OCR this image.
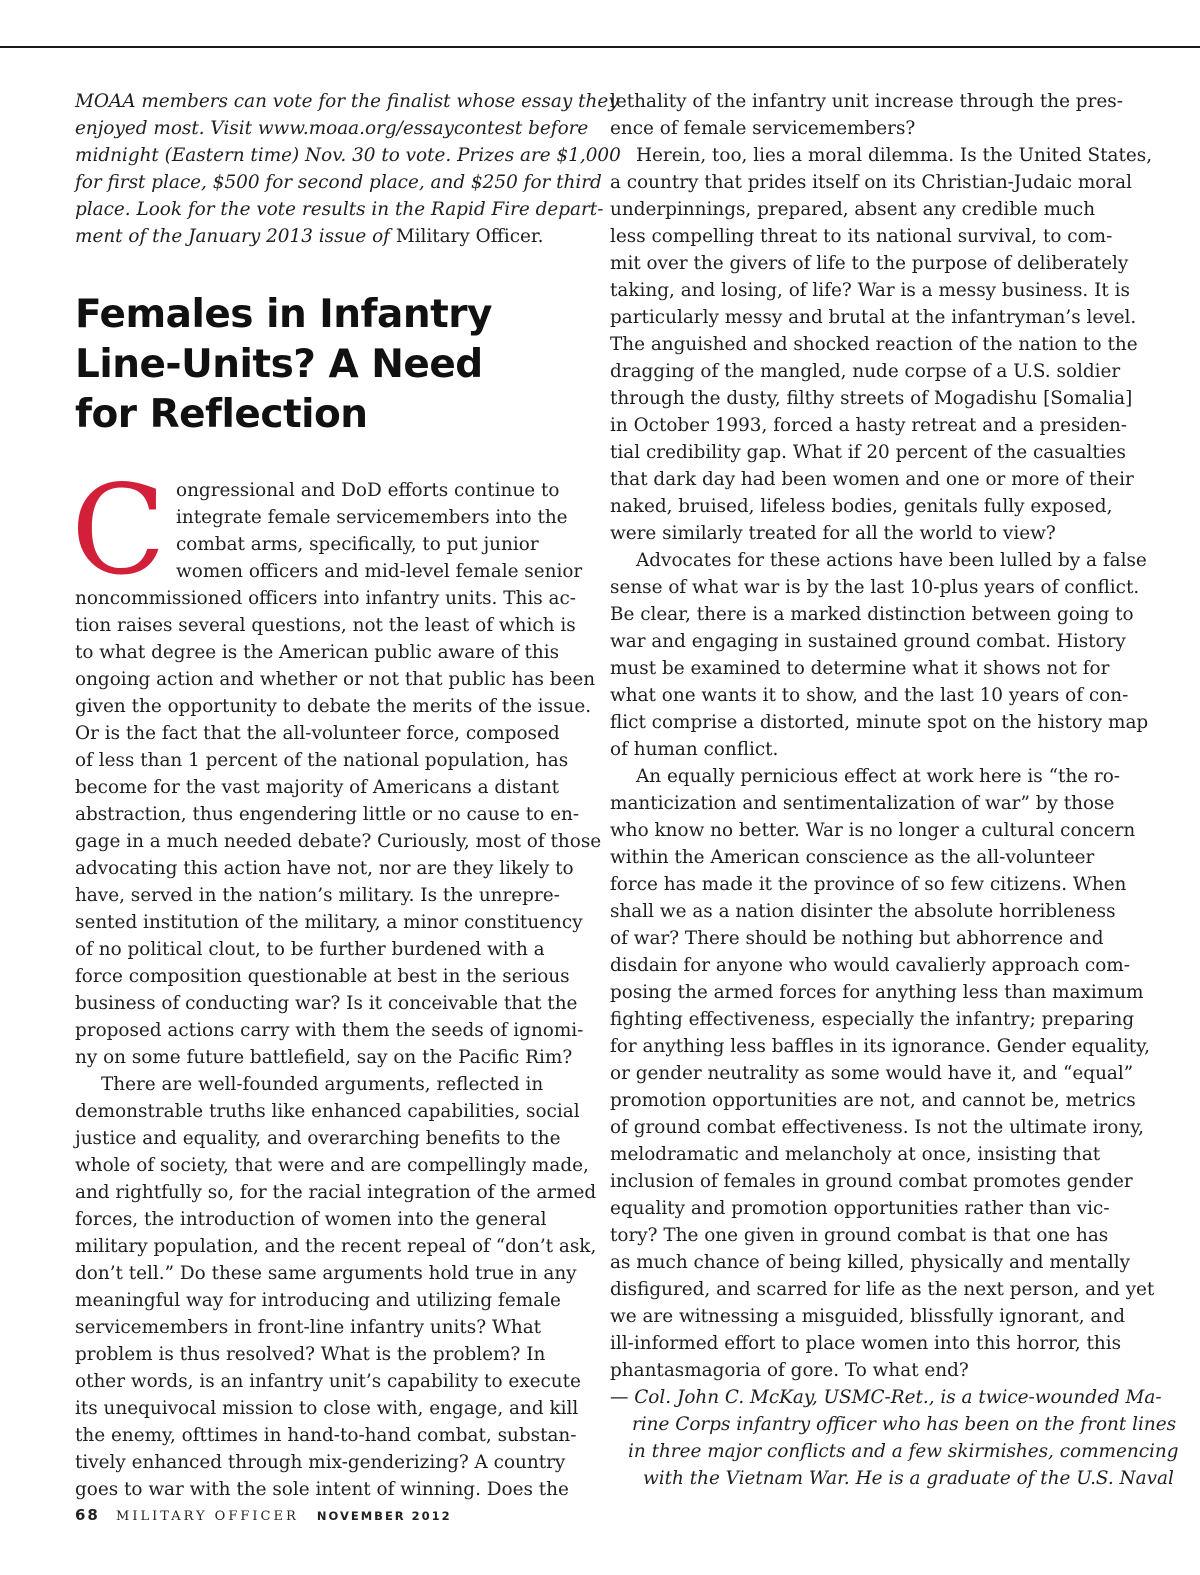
MOAA members can vote for the finalist whose essay they
enjoyed most. Visit www.moaa.org/essaycontest before
midnight (Eastern time) Nov. 30 to vote. Prizes are $1,000
for first place, $500 for second place, and $250 for third
place. Look for the vote results in the Rapid Fire depart-
ment of the January 2013 issue of Military Officer.
Females in Infantry
Line-Units? A Need
for Reflection
C ongressional and DoD efforts continue to
integrate female servicemembers into the
combat arms, specifically, to put junior
women officers and mid-level female senior
noncommissioned officers into infantry units. This ac-
tion raises several questions, not the least of which is
to what degree is the American public aware of this
ongoing action and whether or not that public has been
given the opportunity to debate the merits of the issue.
Or is the fact that the all-volunteer force, composed
of less than 1 percent of the national population, has
become for the vast majority of Americans a distant
abstraction, thus engendering little or no cause to en-
gage in a much needed debate? Curiously, most of those
advocating this action have not, nor are they likely to
have, served in the nation’s military. Is the unrepre-
sented institution of the military, a minor constituency
of no political clout, to be further burdened with a
force composition questionable at best in the serious
business of conducting war? Is it conceivable that the
proposed actions carry with them the seeds of ignomi-
ny on some future battlefield, say on the Pacific Rim?
There are well-founded arguments, reflected in
demonstrable truths like enhanced capabilities, social
justice and equality, and overarching benefits to the
whole of society, that were and are compellingly made,
and rightfully so, for the racial integration of the armed
forces, the introduction of women into the general
military population, and the recent repeal of “don’t ask,
don’t tell.” Do these same arguments hold true in any
meaningful way for introducing and utilizing female
servicemembers in front-line infantry units? What
problem is thus resolved? What is the problem? In
other words, is an infantry unit’s capability to execute
its unequivocal mission to close with, engage, and kill
the enemy, ofttimes in hand-to-hand combat, substan-
tively enhanced through mix-genderizing? A country
goes to war with the sole intent of winning. Does the
lethality of the infantry unit increase through the pres-
ence of female servicemembers?
Herein, too, lies a moral dilemma. Is the United States,
a country that prides itself on its Christian-Judaic moral
underpinnings, prepared, absent any credible much
less compelling threat to its national survival, to com-
mit over the givers of life to the purpose of deliberately
taking, and losing, of life? War is a messy business. It is
particularly messy and brutal at the infantryman’s level.
The anguished and shocked reaction of the nation to the
dragging of the mangled, nude corpse of a U.S. soldier
through the dusty, filthy streets of Mogadishu [Somalia]
in October 1993, forced a hasty retreat and a presiden-
tial credibility gap. What if 20 percent of the casualties
that dark day had been women and one or more of their
naked, bruised, lifeless bodies, genitals fully exposed,
were similarly treated for all the world to view?
Advocates for these actions have been lulled by a false
sense of what war is by the last 10-plus years of conflict.
Be clear, there is a marked distinction between going to
war and engaging in sustained ground combat. History
must be examined to determine what it shows not for
what one wants it to show, and the last 10 years of con-
flict comprise a distorted, minute spot on the history map
of human conflict.
An equally pernicious effect at work here is “the ro-
manticization and sentimentalization of war” by those
who know no better. War is no longer a cultural concern
within the American conscience as the all-volunteer
force has made it the province of so few citizens. When
shall we as a nation disinter the absolute horribleness
of war? There should be nothing but abhorrence and
disdain for anyone who would cavalierly approach com-
posing the armed forces for anything less than maximum
fighting effectiveness, especially the infantry; preparing
for anything less baffles in its ignorance. Gender equality,
or gender neutrality as some would have it, and “equal”
promotion opportunities are not, and cannot be, metrics
of ground combat effectiveness. Is not the ultimate irony,
melodramatic and melancholy at once, insisting that
inclusion of females in ground combat promotes gender
equality and promotion opportunities rather than vic-
tory? The one given in ground combat is that one has
as much chance of being killed, physically and mentally
disfigured, and scarred for life as the next person, and yet
we are witnessing a misguided, blissfully ignorant, and
ill-informed effort to place women into this horror, this
phantasmagoria of gore. To what end?
— Col. John C. McKay, USMC-Ret., is a twice-wounded Ma-
rine Corps infantry officer who has been on the front lines
in three major conflicts and a few skirmishes, commencing
with the Vietnam War. He is a graduate of the U.S. Naval
68 MILITARY OFFICER NOVEMBER 2012
